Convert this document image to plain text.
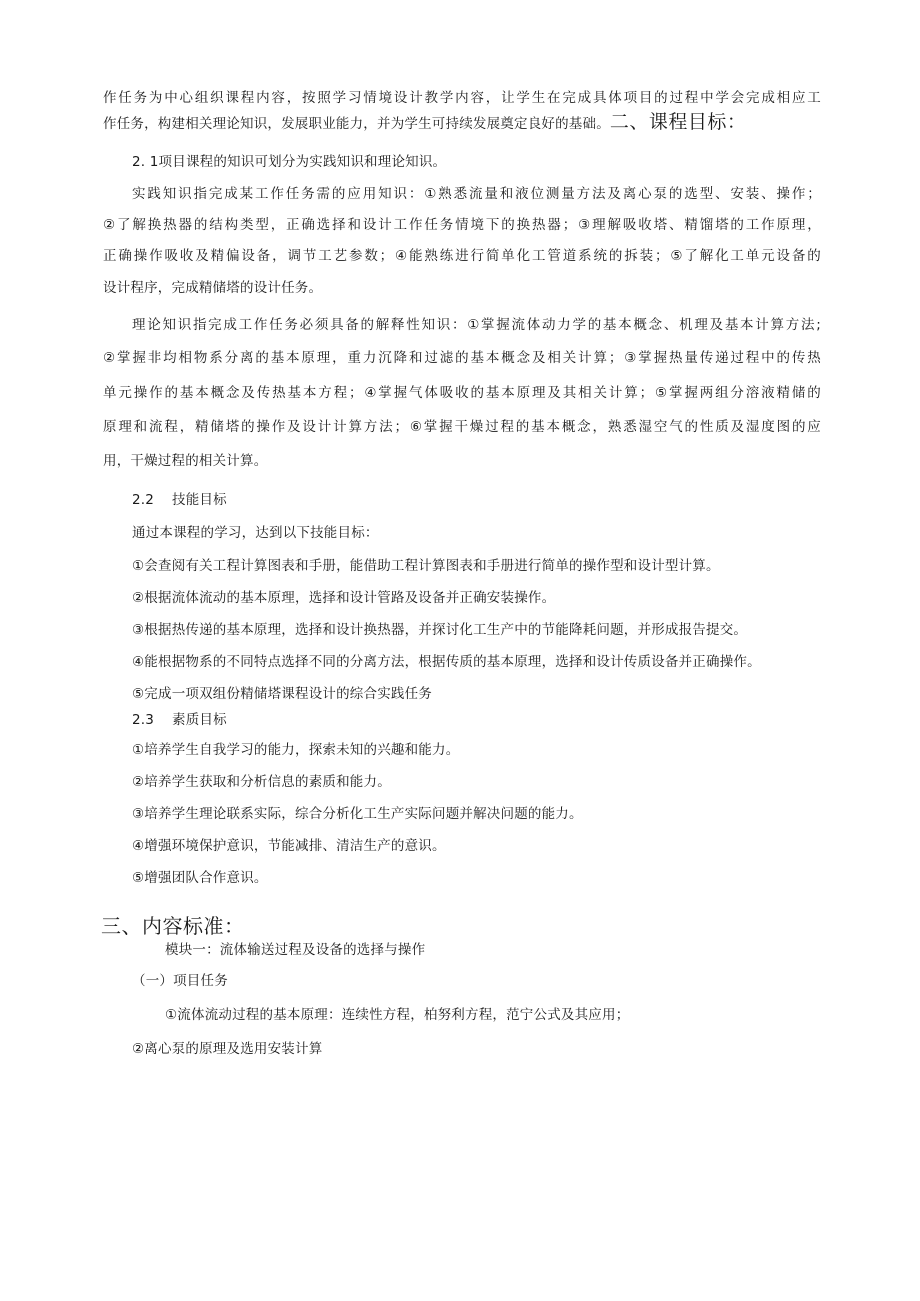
作任务为中心组织课程内容，按照学习情境设计教学内容，让学生在完成具体项目的过程中学会完成相应工
作任务，构建相关理论知识，发展职业能力，并为学生可持续发展奠定良好的基础。二、课程目标：
2. 1项目课程的知识可划分为实践知识和理论知识。
实践知识指完成某工作任务需的应用知识：①熟悉流量和液位测量方法及离心泵的选型、安装、操作；
②了解换热器的结构类型，正确选择和设计工作任务情境下的换热器；③理解吸收塔、精馏塔的工作原理，
正确操作吸收及精偏设备，调节工艺参数；④能熟练进行简单化工管道系统的拆装；⑤了解化工单元设备的
设计程序，完成精储塔的设计任务。
理论知识指完成工作任务必须具备的解释性知识：①掌握流体动力学的基本概念、机理及基本计算方法;
②掌握非均相物系分离的基本原理，重力沉降和过滤的基本概念及相关计算；③掌握热量传递过程中的传热
单元操作的基本概念及传热基本方程；④掌握气体吸收的基本原理及其相关计算；⑤掌握两组分溶液精储的
原理和流程，精储塔的操作及设计计算方法；⑥掌握干燥过程的基本概念，熟悉湿空气的性质及湿度图的应
用，干燥过程的相关计算。
2.2 技能目标
通过本课程的学习，达到以下技能目标：
①会查阅有关工程计算图表和手册，能借助工程计算图表和手册进行简单的操作型和设计型计算。
②根据流体流动的基本原理，选择和设计管路及设备并正确安装操作。
③根据热传递的基本原理，选择和设计换热器，并探讨化工生产中的节能降耗问题，并形成报告提交。
④能根据物系的不同特点选择不同的分离方法，根据传质的基本原理，选择和设计传质设备并正确操作。
⑤完成一项双组份精储塔课程设计的综合实践任务
2.3 素质目标
①培养学生自我学习的能力，探索未知的兴趣和能力。
②培养学生获取和分析信息的素质和能力。
③培养学生理论联系实际，综合分析化工生产实际问题并解决问题的能力。
④增强环境保护意识，节能减排、清洁生产的意识。
⑤增强团队合作意识。
三、内容标准：
模块一：流体输送过程及设备的选择与操作
（一）项目任务
①流体流动过程的基本原理：连续性方程，柏努利方程，范宁公式及其应用；
②离心泵的原理及选用安装计算
